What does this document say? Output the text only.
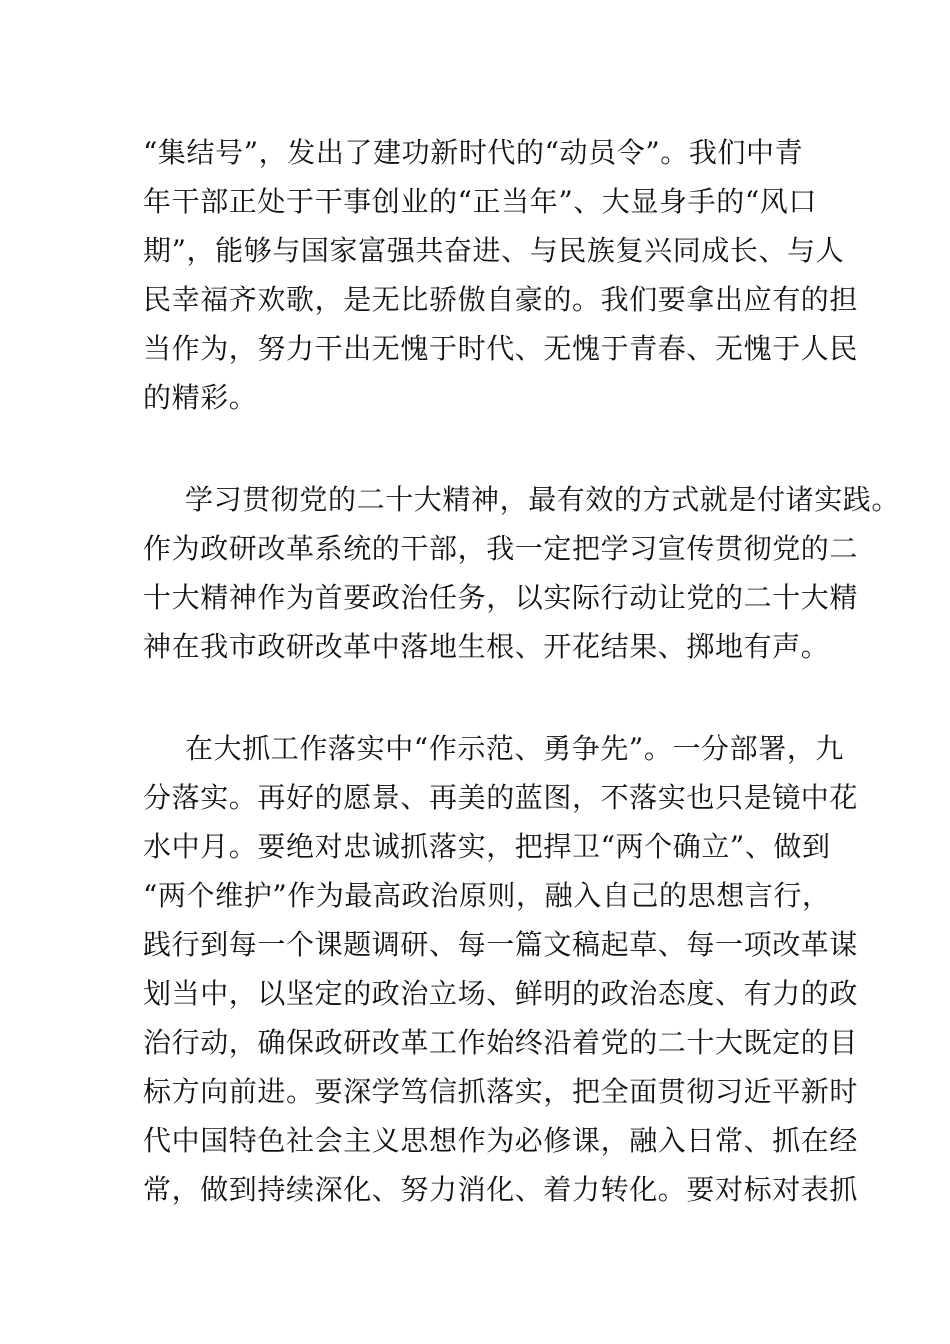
“集结号”，发出了建功新时代的“动员令”。我们中青
年干部正处于干事创业的“正当年”、大显身手的“风口
期”，能够与国家富强共奋进、与民族复兴同成长、与人
民幸福齐欢歌，是无比骄傲自豪的。我们要拿出应有的担
当作为，努力干出无愧于时代、无愧于青春、无愧于人民
的精彩。
学习贯彻党的二十大精神，最有效的方式就是付诸实践。
作为政研改革系统的干部，我一定把学习宣传贯彻党的二
十大精神作为首要政治任务，以实际行动让党的二十大精
神在我市政研改革中落地生根、开花结果、掷地有声。
在大抓工作落实中“作示范、勇争先”。一分部署，九
分落实。再好的愿景、再美的蓝图，不落实也只是镜中花
水中月。要绝对忠诚抓落实，把捍卫“两个确立”、做到
“两个维护”作为最高政治原则，融入自己的思想言行，
践行到每一个课题调研、每一篇文稿起草、每一项改革谋
划当中，以坚定的政治立场、鲜明的政治态度、有力的政
治行动，确保政研改革工作始终沿着党的二十大既定的目
标方向前进。要深学笃信抓落实，把全面贯彻习近平新时
代中国特色社会主义思想作为必修课，融入日常、抓在经
常，做到持续深化、努力消化、着力转化。要对标对表抓
